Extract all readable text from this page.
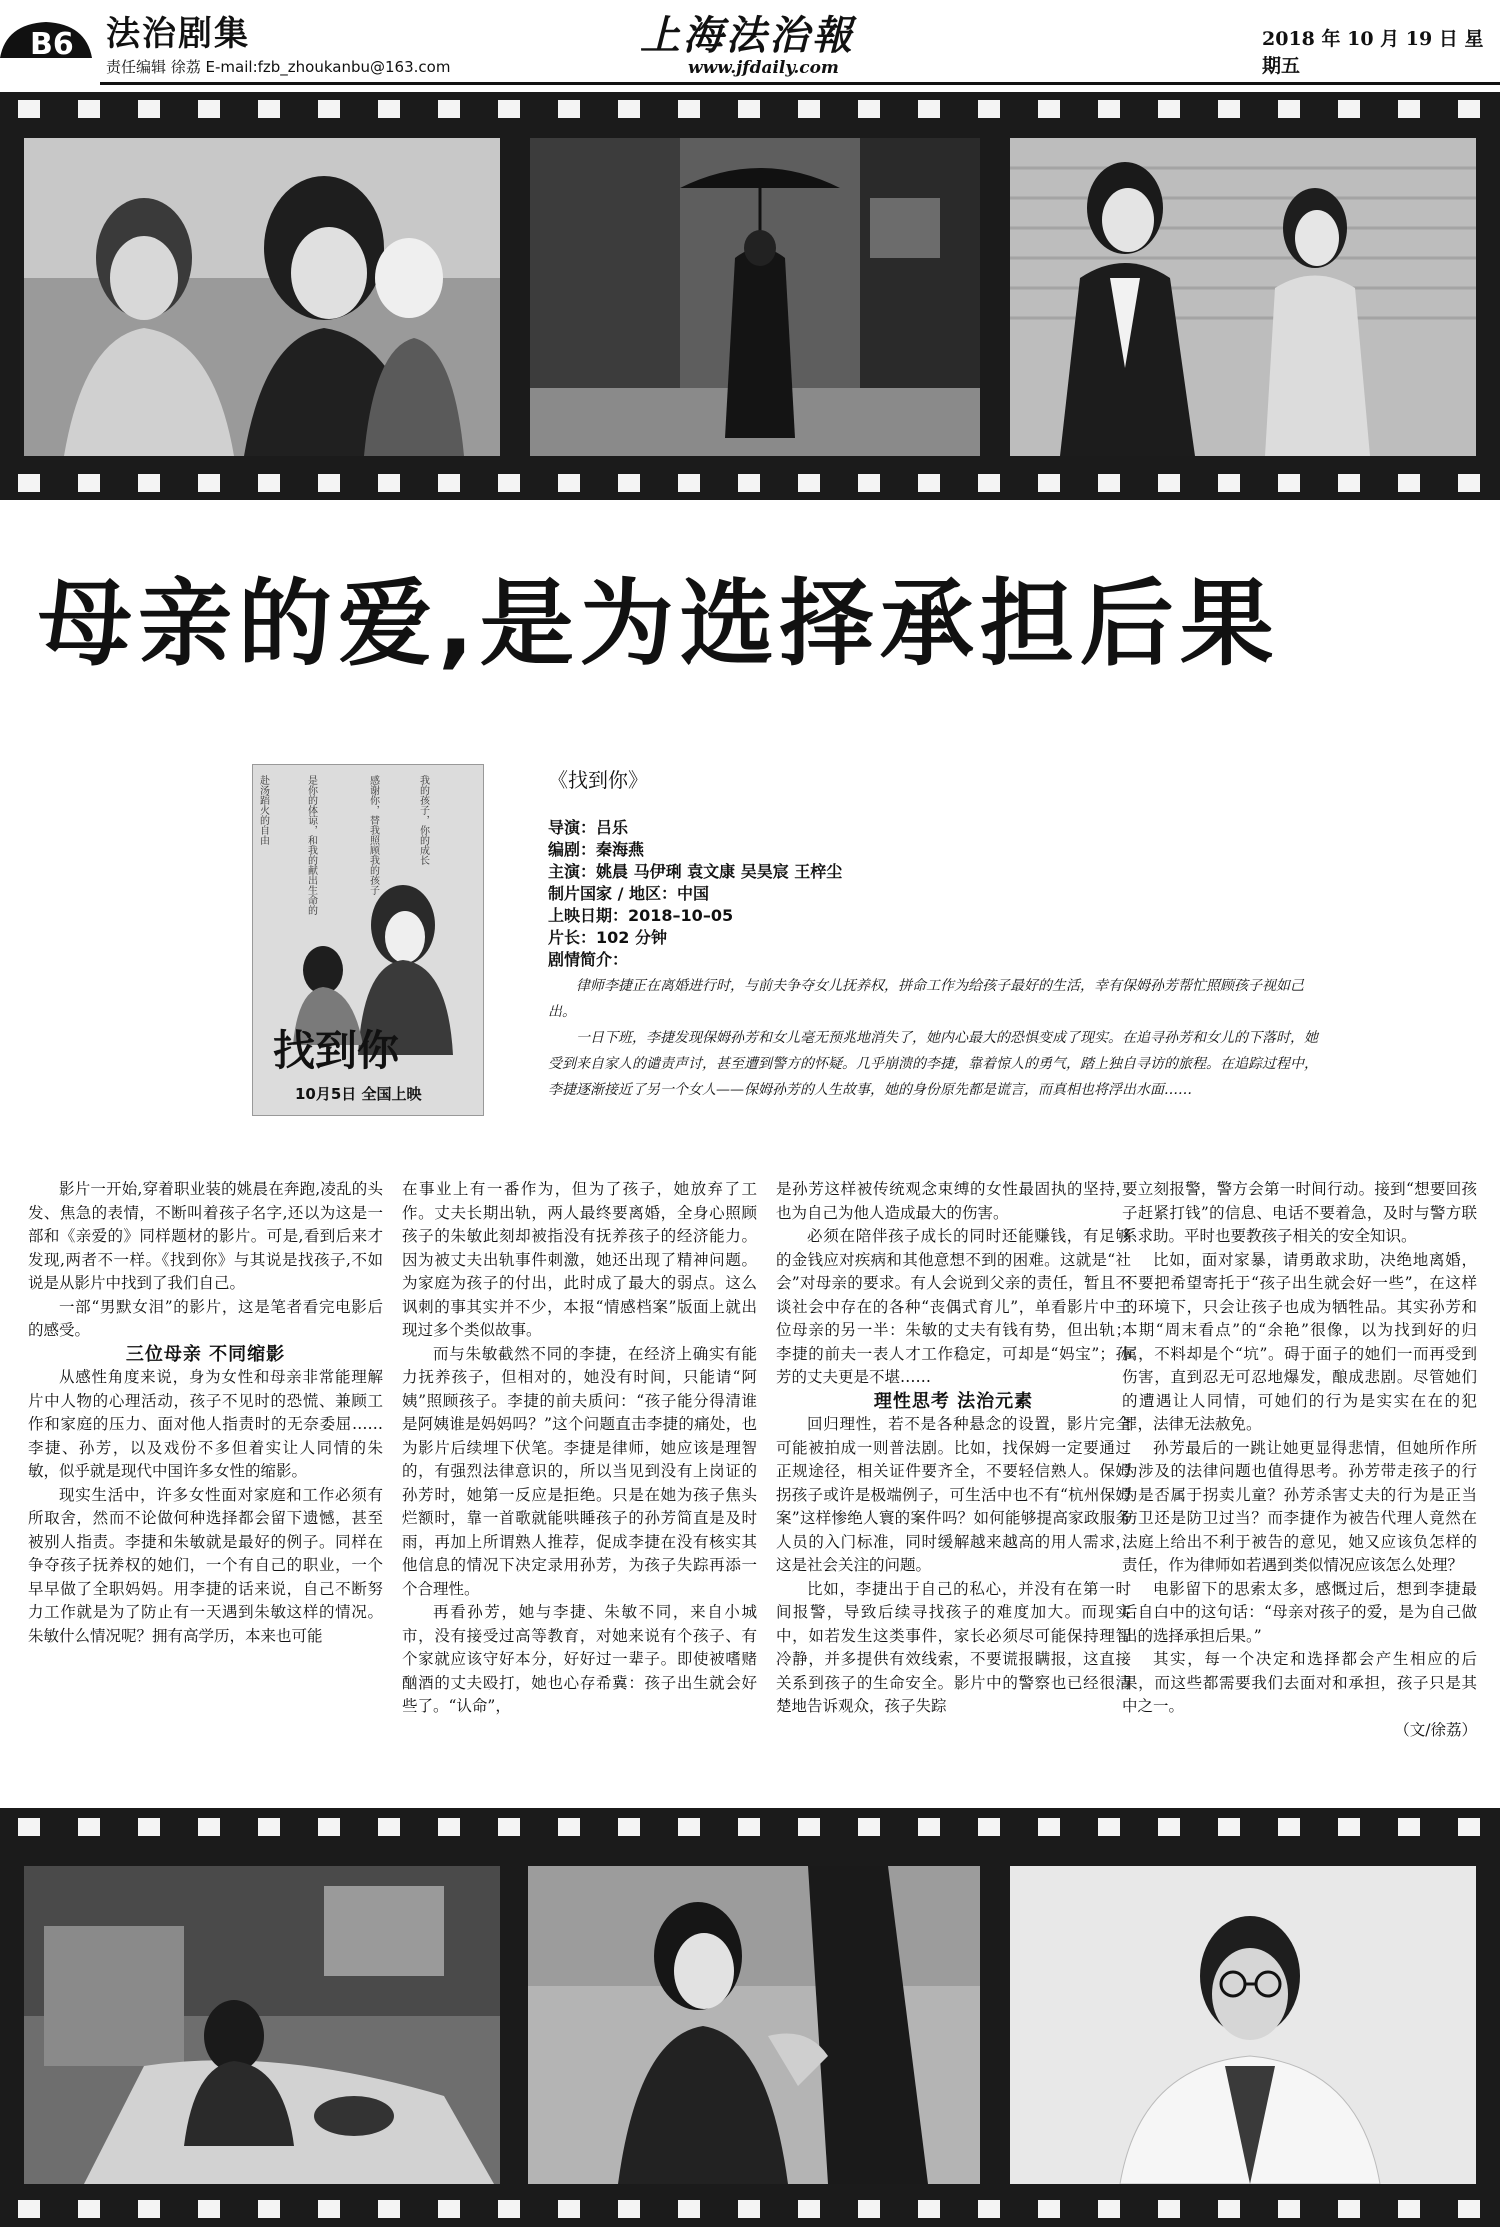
B6 法治剧集
责任编辑 徐荔 E-mail:fzb_zhoukanbu@163.com
上海法治報
www.jfdaily.com
2018 年 10 月 19 日 星期五
母亲的爱,是为选择承担后果
赴汤蹈火的自由	是你的体谅，和我的献出生命的	感谢你，替我照顾我的孩子	我的孩子，你的成长
找到你
10月5日 全国上映
《找到你》
导演：吕乐
编剧：秦海燕
主演：姚晨 马伊琍 袁文康 吴昊宸 王梓尘
制片国家 / 地区：中国
上映日期：2018–10–05
片长：102 分钟
剧情简介：

律师李捷正在离婚进行时，与前夫争夺女儿抚养权，拼命工作为给孩子最好的生活，幸有保姆孙芳帮忙照顾孩子视如己出。

一日下班，李捷发现保姆孙芳和女儿毫无预兆地消失了，她内心最大的恐惧变成了现实。在追寻孙芳和女儿的下落时，她受到来自家人的谴责声讨，甚至遭到警方的怀疑。几乎崩溃的李捷，靠着惊人的勇气，踏上独自寻访的旅程。在追踪过程中，李捷逐渐接近了另一个女人——保姆孙芳的人生故事，她的身份原先都是谎言，而真相也将浮出水面……

影片一开始,穿着职业装的姚晨在奔跑,凌乱的头发、焦急的表情，不断叫着孩子名字,还以为这是一部和《亲爱的》同样题材的影片。可是,看到后来才发现,两者不一样。《找到你》与其说是找孩子,不如说是从影片中找到了我们自己。

一部“男默女泪”的影片，这是笔者看完电影后的感受。

三位母亲 不同缩影

从感性角度来说，身为女性和母亲非常能理解片中人物的心理活动，孩子不见时的恐慌、兼顾工作和家庭的压力、面对他人指责时的无奈委屈……李捷、孙芳，以及戏份不多但着实让人同情的朱敏，似乎就是现代中国许多女性的缩影。

现实生活中，许多女性面对家庭和工作必须有所取舍，然而不论做何种选择都会留下遗憾，甚至被别人指责。李捷和朱敏就是最好的例子。同样在争夺孩子抚养权的她们，一个有自己的职业，一个早早做了全职妈妈。用李捷的话来说，自己不断努力工作就是为了防止有一天遇到朱敏这样的情况。朱敏什么情况呢？拥有高学历，本来也可能

在事业上有一番作为，但为了孩子，她放弃了工作。丈夫长期出轨，两人最终要离婚，全身心照顾孩子的朱敏此刻却被指没有抚养孩子的经济能力。因为被丈夫出轨事件刺激，她还出现了精神问题。为家庭为孩子的付出，此时成了最大的弱点。这么讽刺的事其实并不少，本报“情感档案”版面上就出现过多个类似故事。

而与朱敏截然不同的李捷，在经济上确实有能力抚养孩子，但相对的，她没有时间，只能请“阿姨”照顾孩子。李捷的前夫质问：“孩子能分得清谁是阿姨谁是妈妈吗？”这个问题直击李捷的痛处，也为影片后续埋下伏笔。李捷是律师，她应该是理智的，有强烈法律意识的，所以当见到没有上岗证的孙芳时，她第一反应是拒绝。只是在她为孩子焦头烂额时，靠一首歌就能哄睡孩子的孙芳简直是及时雨，再加上所谓熟人推荐，促成李捷在没有核实其他信息的情况下决定录用孙芳，为孩子失踪再添一个合理性。

再看孙芳，她与李捷、朱敏不同，来自小城市，没有接受过高等教育，对她来说有个孩子、有个家就应该守好本分，好好过一辈子。即使被嗜赌酗酒的丈夫殴打，她也心存希冀：孩子出生就会好些了。“认命”，

是孙芳这样被传统观念束缚的女性最固执的坚持，也为自己为他人造成最大的伤害。

必须在陪伴孩子成长的同时还能赚钱，有足够的金钱应对疾病和其他意想不到的困难。这就是“社会”对母亲的要求。有人会说到父亲的责任，暂且不谈社会中存在的各种“丧偶式育儿”，单看影片中三位母亲的另一半：朱敏的丈夫有钱有势，但出轨；李捷的前夫一表人才工作稳定，可却是“妈宝”；孙芳的丈夫更是不堪……

理性思考 法治元素

回归理性，若不是各种悬念的设置，影片完全可能被拍成一则普法剧。比如，找保姆一定要通过正规途径，相关证件要齐全，不要轻信熟人。保姆拐孩子或许是极端例子，可生活中也不有“杭州保姆案”这样惨绝人寰的案件吗？如何能够提高家政服务人员的入门标准，同时缓解越来越高的用人需求，这是社会关注的问题。

比如，李捷出于自己的私心，并没有在第一时间报警，导致后续寻找孩子的难度加大。而现实中，如若发生这类事件，家长必须尽可能保持理智冷静，并多提供有效线索，不要谎报瞒报，这直接关系到孩子的生命安全。影片中的警察也已经很清楚地告诉观众，孩子失踪

要立刻报警，警方会第一时间行动。接到“想要回孩子赶紧打钱”的信息、电话不要着急，及时与警方联系求助。平时也要教孩子相关的安全知识。

比如，面对家暴，请勇敢求助，决绝地离婚，不要把希望寄托于“孩子出生就会好一些”，在这样的环境下，只会让孩子也成为牺牲品。其实孙芳和本期“周末看点”的“余艳”很像，以为找到好的归属，不料却是个“坑”。碍于面子的她们一而再受到伤害，直到忍无可忍地爆发，酿成悲剧。尽管她们的遭遇让人同情，可她们的行为是实实在在的犯罪，法律无法赦免。

孙芳最后的一跳让她更显得悲情，但她所作所为涉及的法律问题也值得思考。孙芳带走孩子的行为是否属于拐卖儿童？孙芳杀害丈夫的行为是正当防卫还是防卫过当？而李捷作为被告代理人竟然在法庭上给出不利于被告的意见，她又应该负怎样的责任，作为律师如若遇到类似情况应该怎么处理？

电影留下的思索太多，感慨过后，想到李捷最后自白中的这句话：“母亲对孩子的爱，是为自己做出的选择承担后果。”

其实，每一个决定和选择都会产生相应的后果，而这些都需要我们去面对和承担，孩子只是其中之一。

（文/徐荔）
